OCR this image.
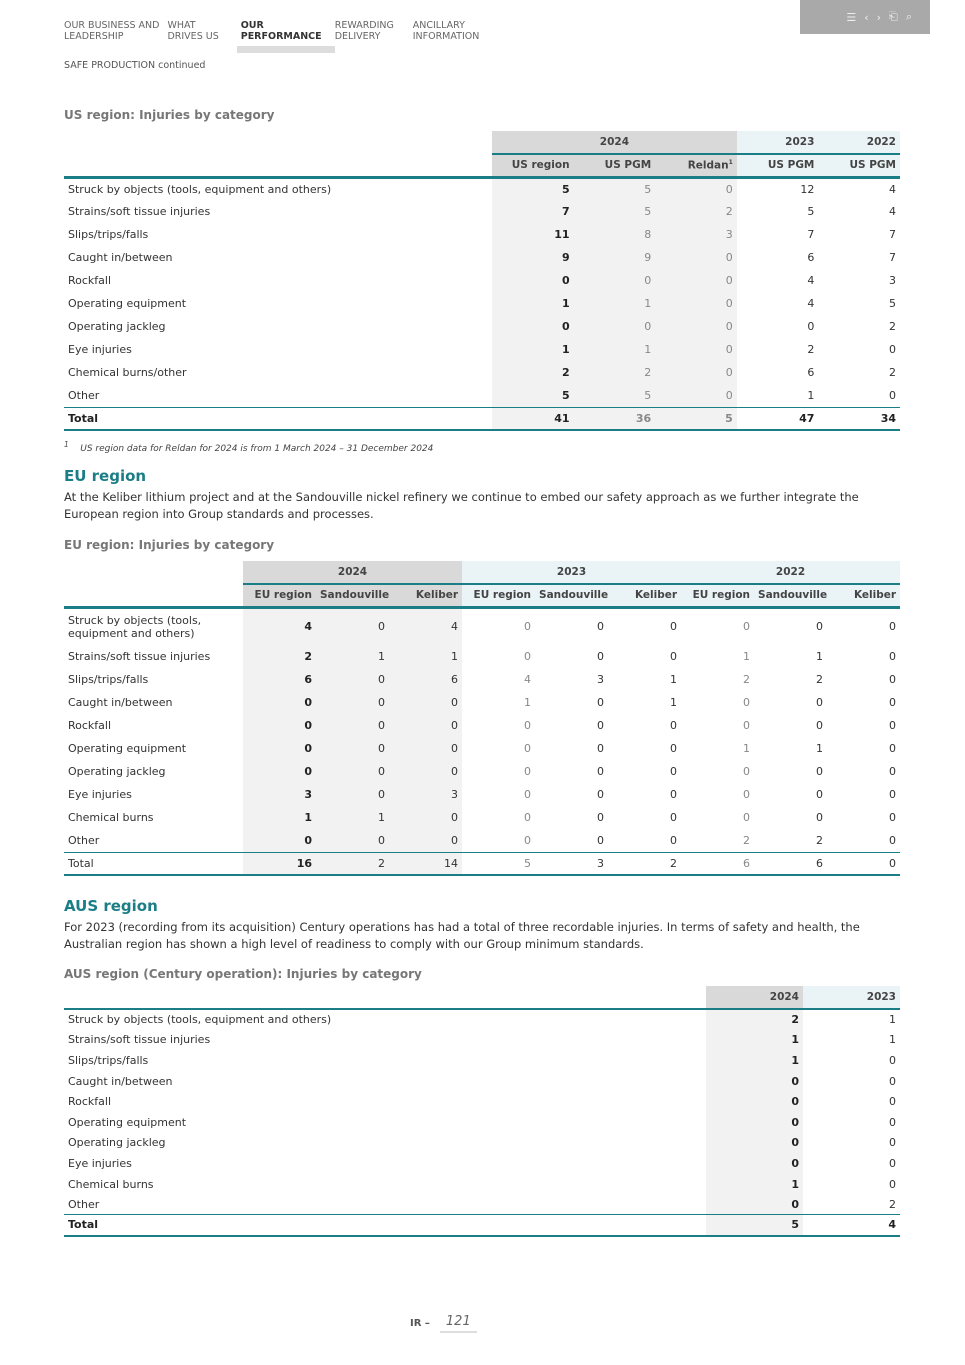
OUR BUSINESS AND
LEADERSHIP
WHAT
DRIVES US
OUR
PERFORMANCE
REWARDING
DELIVERY
ANCILLARY
INFORMATION
☰ ‹ › ⎗ ⌕
SAFE PRODUCTION continued
US region: Injuries by category
	2024			2023	2022
	US region	US PGM	Reldan$^1$	US PGM	US PGM
Struck by objects (tools, equipment and others)	5	5	0	12	4
Strains/soft tissue injuries	7	5	2	5	4
Slips/trips/falls	11	8	3	7	7
Caught in/between	9	9	0	6	7
Rockfall	0	0	0	4	3
Operating equipment	1	1	0	4	5
Operating jackleg	0	0	0	0	2
Eye injuries	1	1	0	2	0
Chemical burns/other	2	2	0	6	2
Other	5	5	0	1	0
Total	41	36	5	47	34
$^1$ US region data for Reldan for 2024 is from 1 March 2024 – 31 December 2024
EU region

At the Keliber lithium project and at the Sandouville nickel refinery we continue to embed our safety approach as we further integrate the European region into Group standards and processes.

EU region: Injuries by category
	2024			2023			2022		
	EU region	Sandouville	Keliber	EU region	Sandouville	Keliber	EU region	Sandouville	Keliber
Struck by objects (tools, equipment and others)	4	0	4	0	0	0	0	0	0
Strains/soft tissue injuries	2	1	1	0	0	0	1	1	0
Slips/trips/falls	6	0	6	4	3	1	2	2	0
Caught in/between	0	0	0	1	0	1	0	0	0
Rockfall	0	0	0	0	0	0	0	0	0
Operating equipment	0	0	0	0	0	0	1	1	0
Operating jackleg	0	0	0	0	0	0	0	0	0
Eye injuries	3	0	3	0	0	0	0	0	0
Chemical burns	1	1	0	0	0	0	0	0	0
Other	0	0	0	0	0	0	2	2	0
Total	16	2	14	5	3	2	6	6	0
AUS region

For 2023 (recording from its acquisition) Century operations has had a total of three recordable injuries. In terms of safety and health, the Australian region has shown a high level of readiness to comply with our Group minimum standards.

AUS region (Century operation): Injuries by category
	2024	2023
Struck by objects (tools, equipment and others)	2	1
Strains/soft tissue injuries	1	1
Slips/trips/falls	1	0
Caught in/between	0	0
Rockfall	0	0
Operating equipment	0	0
Operating jackleg	0	0
Eye injuries	0	0
Chemical burns	1	0
Other	0	2
Total	5	4
IR –	121
